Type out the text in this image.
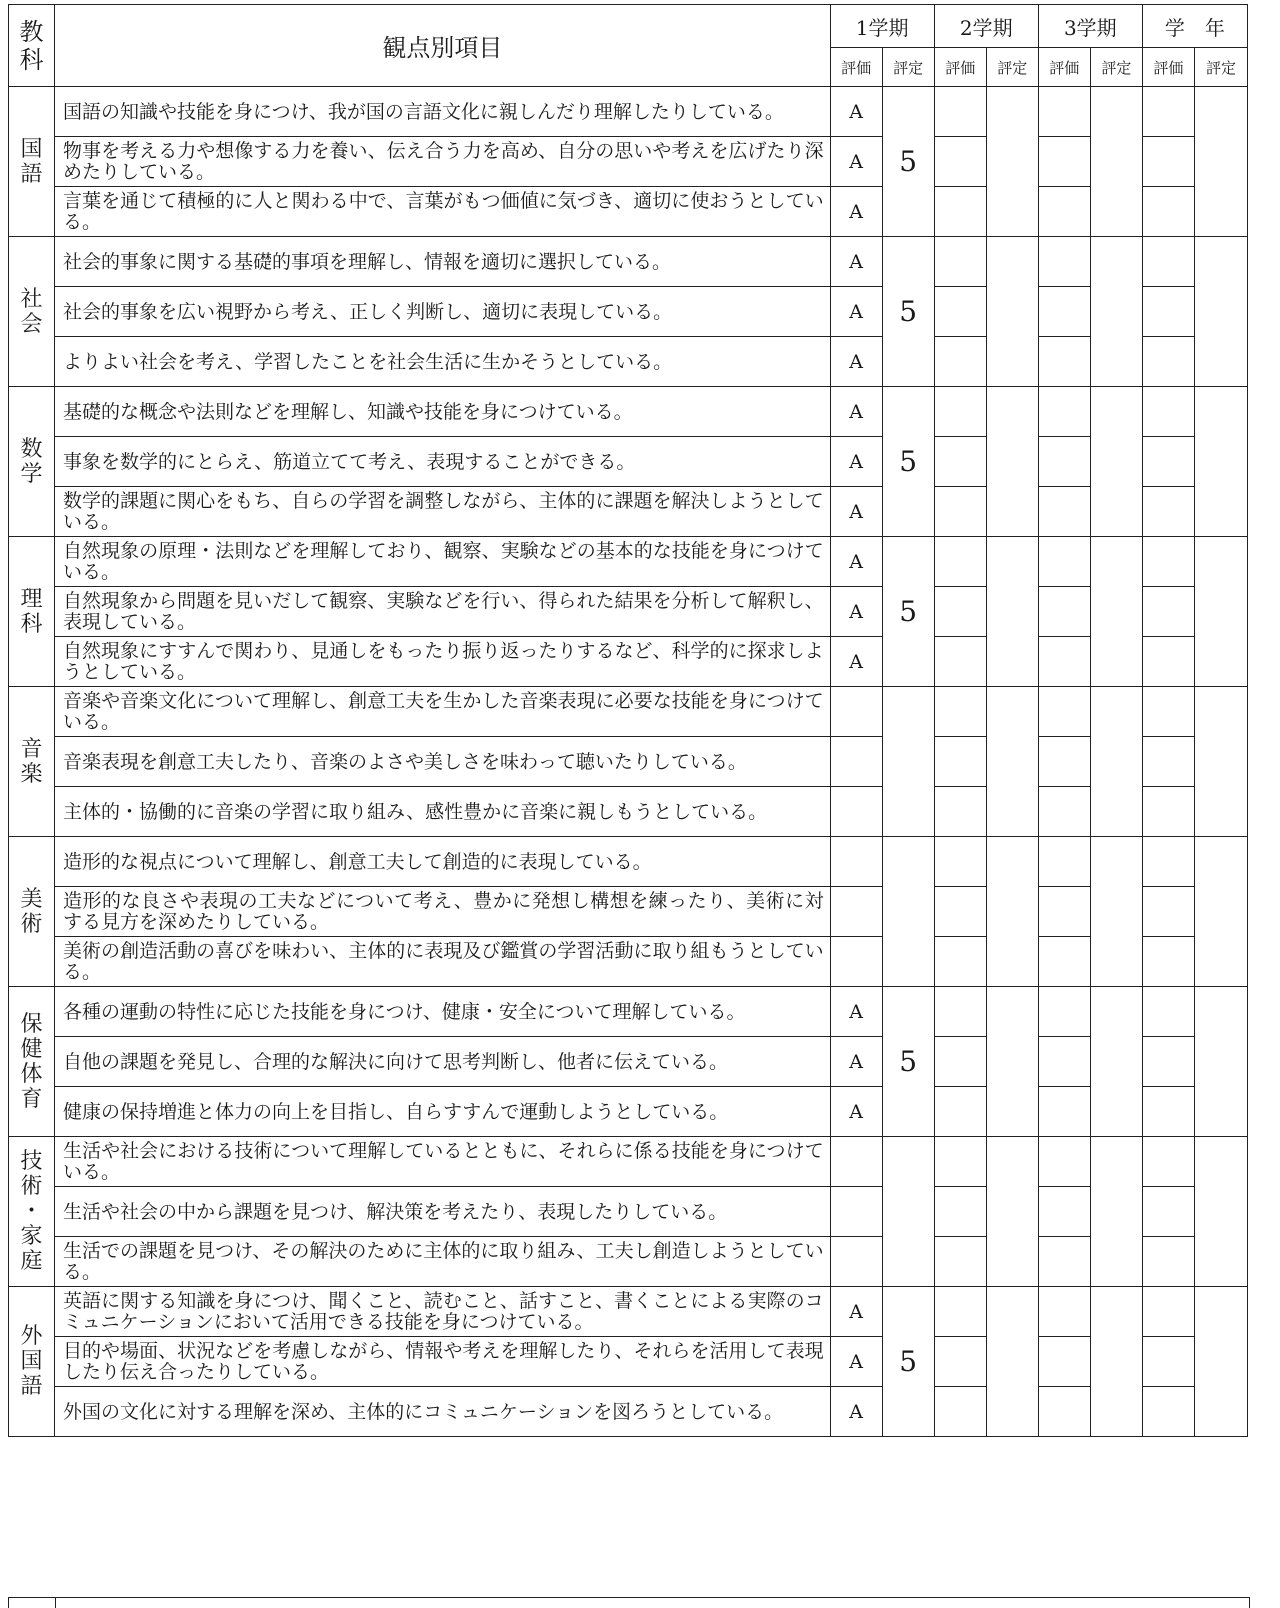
教
科	観点別項目	1学期		2学期		3学期		学　年	
		評価	評定	評価	評定	評価	評定	評価	評定
国
語	国語の知識や技能を身につけ、我が国の言語文化に親しんだり理解したりしている。	A	5						
	物事を考える力や想像する力を養い、伝え合う力を高め、自分の思いや考えを広げたり深めたりしている。	A							
	言葉を通じて積極的に人と関わる中で、言葉がもつ価値に気づき、適切に使おうとしている。	A							
社
会	社会的事象に関する基礎的事項を理解し、情報を適切に選択している。	A	5						
	社会的事象を広い視野から考え、正しく判断し、適切に表現している。	A							
	よりよい社会を考え、学習したことを社会生活に生かそうとしている。	A							
数
学	基礎的な概念や法則などを理解し、知識や技能を身につけている。	A	5						
	事象を数学的にとらえ、筋道立てて考え、表現することができる。	A							
	数学的課題に関心をもち、自らの学習を調整しながら、主体的に課題を解決しようとしている。	A							
理
科	自然現象の原理・法則などを理解しており、観察、実験などの基本的な技能を身につけている。	A	5						
	自然現象から問題を見いだして観察、実験などを行い、得られた結果を分析して解釈し、表現している。	A							
	自然現象にすすんで関わり、見通しをもったり振り返ったりするなど、科学的に探求しようとしている。	A							
音
楽	音楽や音楽文化について理解し、創意工夫を生かした音楽表現に必要な技能を身につけている。								
	音楽表現を創意工夫したり、音楽のよさや美しさを味わって聴いたりしている。								
	主体的・協働的に音楽の学習に取り組み、感性豊かに音楽に親しもうとしている。								
美
術	造形的な視点について理解し、創意工夫して創造的に表現している。								
	造形的な良さや表現の工夫などについて考え、豊かに発想し構想を練ったり、美術に対する見方を深めたりしている。								
	美術の創造活動の喜びを味わい、主体的に表現及び鑑賞の学習活動に取り組もうとしている。								
保
健
体
育	各種の運動の特性に応じた技能を身につけ、健康・安全について理解している。	A	5						
	自他の課題を発見し、合理的な解決に向けて思考判断し、他者に伝えている。	A							
	健康の保持増進と体力の向上を目指し、自らすすんで運動しようとしている。	A							
技
術
・
家
庭	生活や社会における技術について理解しているとともに、それらに係る技能を身につけている。								
	生活や社会の中から課題を見つけ、解決策を考えたり、表現したりしている。								
	生活での課題を見つけ、その解決のために主体的に取り組み、工夫し創造しようとしている。								
外
国
語	英語に関する知識を身につけ、聞くこと、読むこと、話すこと、書くことによる実際のコミュニケーションにおいて活用できる技能を身につけている。	A	5						
	目的や場面、状況などを考慮しながら、情報や考えを理解したり、それらを活用して表現したり伝え合ったりしている。	A							
	外国の文化に対する理解を深め、主体的にコミュニケーションを図ろうとしている。	A							
